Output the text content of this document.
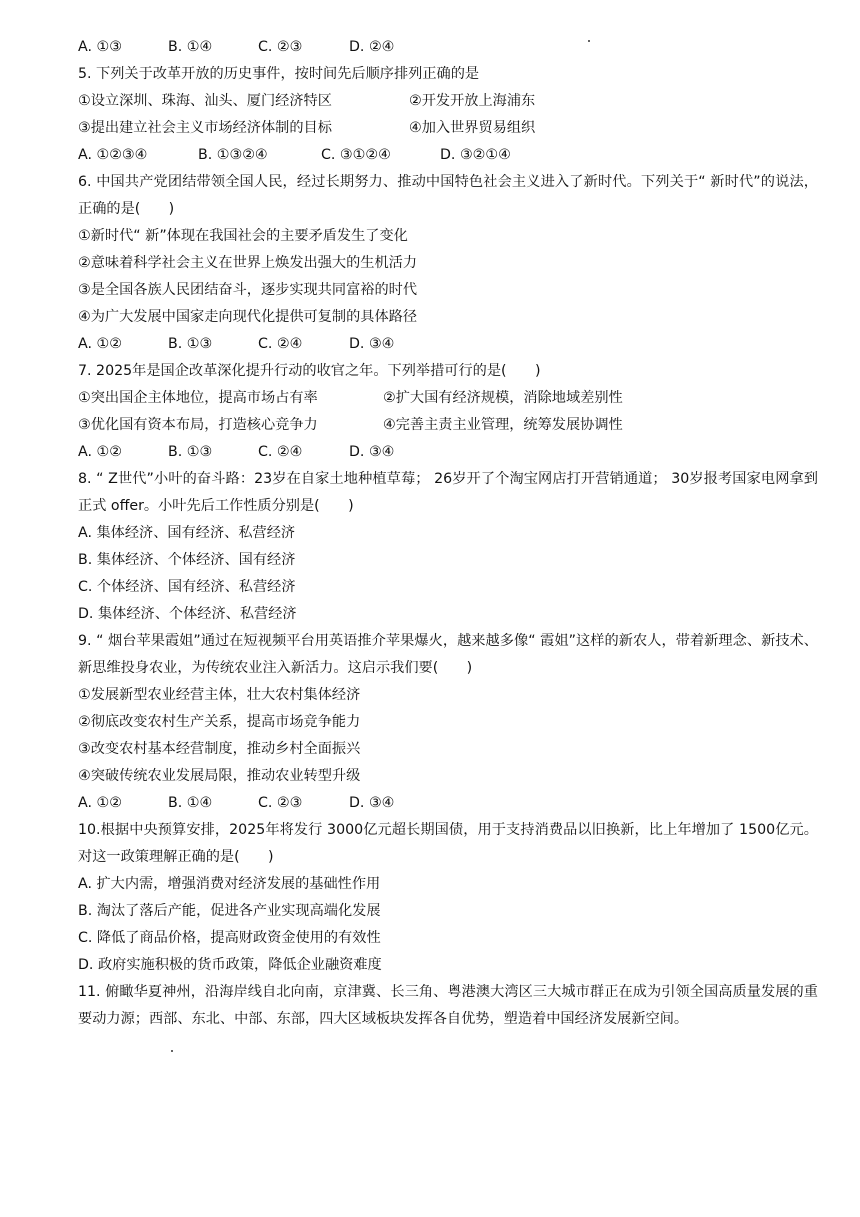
A. ①③	B. ①④	C. ②③	D. ②④
5. 下列关于改革开放的历史事件，按时间先后顺序排列正确的是
①设立深圳、珠海、汕头、厦门经济特区	②开发开放上海浦东
③提出建立社会主义市场经济体制的目标	④加入世界贸易组织
A. ①②③④	B. ①③②④	C. ③①②④	D. ③②①④
6. 中国共产党团结带领全国人民，经过长期努力、推动中国特色社会主义进入了新时代。下列关于“ 新时代”的说法，正确的是(　　)
①新时代“ 新”体现在我国社会的主要矛盾发生了变化
②意味着科学社会主义在世界上焕发出强大的生机活力
③是全国各族人民团结奋斗，逐步实现共同富裕的时代
④为广大发展中国家走向现代化提供可复制的具体路径
A. ①②	B. ①③	C. ②④	D. ③④
7. 2025年是国企改革深化提升行动的收官之年。下列举措可行的是(　　)
①突出国企主体地位，提高市场占有率	②扩大国有经济规模，消除地域差别性
③优化国有资本布局，打造核心竞争力	④完善主责主业管理，统筹发展协调性
A. ①②	B. ①③	C. ②④	D. ③④
8. “ Z世代”小叶的奋斗路：23岁在自家土地种植草莓； 26岁开了个淘宝网店打开营销通道； 30岁报考国家电网拿到正式 offer。小叶先后工作性质分别是(　　)
A. 集体经济、国有经济、私营经济
B. 集体经济、个体经济、国有经济
C. 个体经济、国有经济、私营经济
D. 集体经济、个体经济、私营经济
9. “ 烟台苹果霞姐”通过在短视频平台用英语推介苹果爆火，越来越多像“ 霞姐”这样的新农人，带着新理念、新技术、新思维投身农业，为传统农业注入新活力。这启示我们要(　　)
①发展新型农业经营主体，壮大农村集体经济
②彻底改变农村生产关系，提高市场竞争能力
③改变农村基本经营制度，推动乡村全面振兴
④突破传统农业发展局限，推动农业转型升级
A. ①②	B. ①④	C. ②③	D. ③④
10.根据中央预算安排，2025年将发行 3000亿元超长期国债，用于支持消费品以旧换新，比上年增加了 1500亿元。对这一政策理解正确的是(　　)
A. 扩大内需，增强消费对经济发展的基础性作用
B. 淘汰了落后产能，促进各产业实现高端化发展
C. 降低了商品价格，提高财政资金使用的有效性
D. 政府实施积极的货币政策，降低企业融资难度
11. 俯瞰华夏神州，沿海岸线自北向南，京津冀、长三角、粤港澳大湾区三大城市群正在成为引领全国高质量发展的重要动力源；西部、东北、中部、东部，四大区域板块发挥各自优势，塑造着中国经济发展新空间。
